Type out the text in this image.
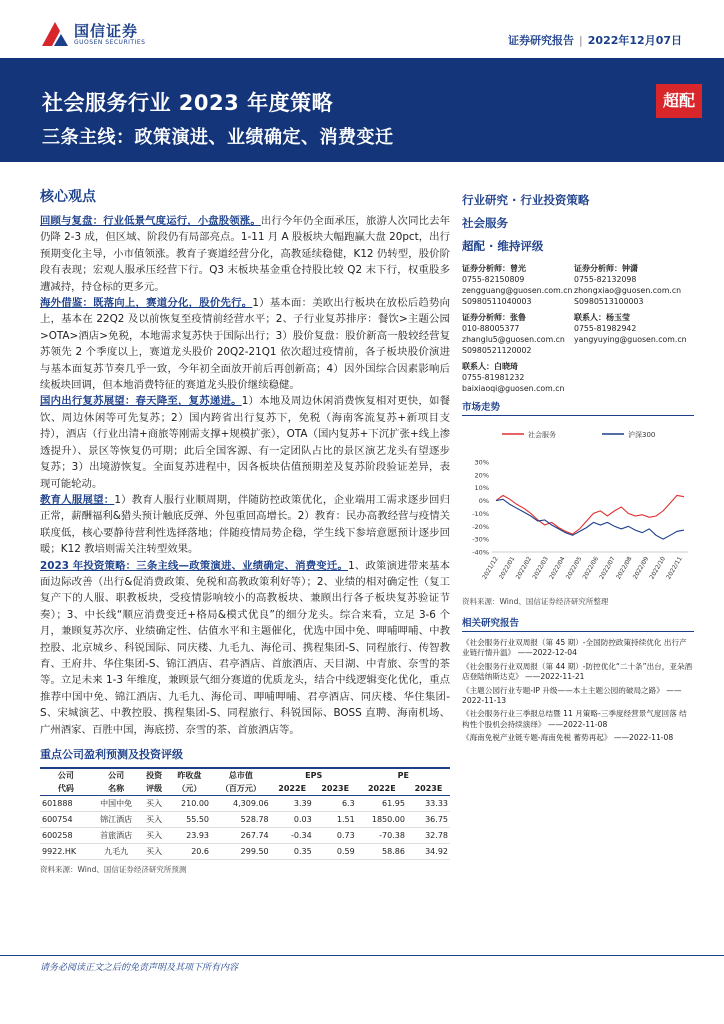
国信证券
GUOSEN SECURITIES	证券研究报告 | 2022年12月07日
社会服务行业 2023 年度策略
三条主线：政策演进、业绩确定、消费变迁
超配
核心观点

回顾与复盘：行业低景气度运行，小盘股领涨。出行今年仍全面承压，旅游人次同比去年仍降 2-3 成，但区域、阶段仍有局部亮点。1-11 月 A 股板块大幅跑赢大盘 20pct，出行预期变化主导，小市值领涨。教育子赛道经营分化，高教延续稳健，K12 仍转型，股价阶段有表现；宏观人服承压经营下行。Q3 末板块基金重仓持股比较 Q2 末下行，权重股多遭减持，持仓标的更多元。

海外借鉴：既落向上，赛道分化，股价先行。1）基本面：美欧出行板块在放松后趋势向上，基本在 22Q2 及以前恢复至疫情前经营水平；2、子行业复苏排序：餐饮>主题公园>OTA>酒店>免税，本地需求复苏快于国际出行；3）股价复盘：股价新高一般较经营复苏领先 2 个季度以上，赛道龙头股价 20Q2-21Q1 依次超过疫情前，各子板块股价演进与基本面复苏节奏几乎一致，今年初全面放开前后再创新高；4）因外国综合因素影响后续板块回调，但本地消费特征的赛道龙头股价继续稳健。

国内出行复苏展望：春天降至，复苏递进。1）本地及周边休闲消费恢复相对更快，如餐饮、周边休闲等可先复苏；2）国内跨省出行复苏下，免税（海南客流复苏+新项目支持），酒店（行业出清+商旅等刚需支撑+规模扩张），OTA（国内复苏+下沉扩张+线上渗透提升）、景区等恢复仍可期；此后全国客源、有一定团队占比的景区演艺龙头有望逐步复苏；3）出境游恢复。全面复苏进程中，因各板块估值预期差及复苏阶段验证差异，表现可能轮动。

教育人服展望：1）教育人服行业顺周期，伴随防控政策优化，企业端用工需求逐步回归正常，薪酬福利&猎头预计触底反弹、外包重回高增长。2）教育：民办高教经营与疫情关联度低，核心要静待营利性选择落地；伴随疫情局势企稳，学生线下参培意愿预计逐步回暖；K12 教培则需关注转型效果。

2023 年投资策略：三条主线—政策演进、业绩确定、消费变迁。1、政策演进带来基本面边际改善（出行&促消费政策、免税和高教政策利好等）；2、业绩的相对确定性（复工复产下的人服、职教板块，受疫情影响较小的高教板块、兼顾出行各子板块复苏验证节奏）；3、中长线“顺应消费变迁+格局&模式优良”的细分龙头。综合来看，立足 3-6 个月，兼顾复苏次序、业绩确定性、估值水平和主题催化，优选中国中免、呷哺呷哺、中教控股、北京城乡、科锐国际、同庆楼、九毛九、海伦司、携程集团-S、同程旅行、传智教育、王府井、华住集团-S、锦江酒店、君亭酒店、首旅酒店、天目湖、中青旅、奈雪的茶等。立足未来 1-3 年维度，兼顾景气细分赛道的优质龙头，结合中线逻辑变化优化，重点推荐中国中免、锦江酒店、九毛九、海伦司、呷哺呷哺、君亭酒店、同庆楼、华住集团-S、宋城演艺、中教控股、携程集团-S、同程旅行、科锐国际、BOSS 直聘、海南机场、广州酒家、百胜中国，海底捞、奈雪的茶、首旅酒店等。

重点公司盈利预测及投资评级
公司	公司	投资	昨收盘	总市值	EPS		PE	
代码	名称	评级	（元）	（百万元）	2022E	2023E	2022E	2023E
601888	中国中免	买入	210.00	4,309.06	3.39	6.3	61.95	33.33
600754	锦江酒店	买入	55.50	528.78	0.03	1.51	1850.00	36.75
600258	首旅酒店	买入	23.93	267.74	-0.34	0.73	-70.38	32.78
9922.HK	九毛九	买入	20.6	299.50	0.35	0.59	58.86	34.92
资料来源：Wind、国信证券经济研究所预测
行业研究 · 行业投资策略
社会服务
超配 · 维持评级
证券分析师：曾光
0755-82150809
zengguang@guosen.com.cn
S0980511040003
证券分析师：钟潇
0755-82132098
zhongxiao@guosen.com.cn
S0980513100003
证券分析师：张鲁
010-88005377
zhanglu5@guosen.com.cn
S0980521120002
联系人：杨玉莹
0755-81982942
yangyuying@guosen.com.cn
联系人：白晓琦
0755-81981232
baixiaoqi@guosen.com.cn
市场走势
社会服务	沪深300
30%
20%
10%
0%
-10%
-20%
-30%
-40%
2021/12
2022/01
2022/02
2022/03
2022/04
2022/05
2022/06
2022/07
2022/08
2022/09
2022/10
2022/11
资料来源：Wind、国信证券经济研究所整理
相关研究报告
《社会服务行业双周报（第 45 期）-全国防控政策持续优化 出行产业链行情升温》 ——2022-12-04
《社会服务行业双周报（第 44 期）-防控优化“二十条”出台，亚朵酒店登陆纳斯达克》 ——2022-11-21
《主题公园行业专题-IP 升级——本土主题公园的破局之路》 ——2022-11-13
《社会服务行业三季报总结暨 11 月策略-三季度经营景气度回落 结构性个股机会持续演绎》 ——2022-11-08
《海南免税产业链专题-海南免税 蓄势再起》 ——2022-11-08
请务必阅读正文之后的免责声明及其项下所有内容
